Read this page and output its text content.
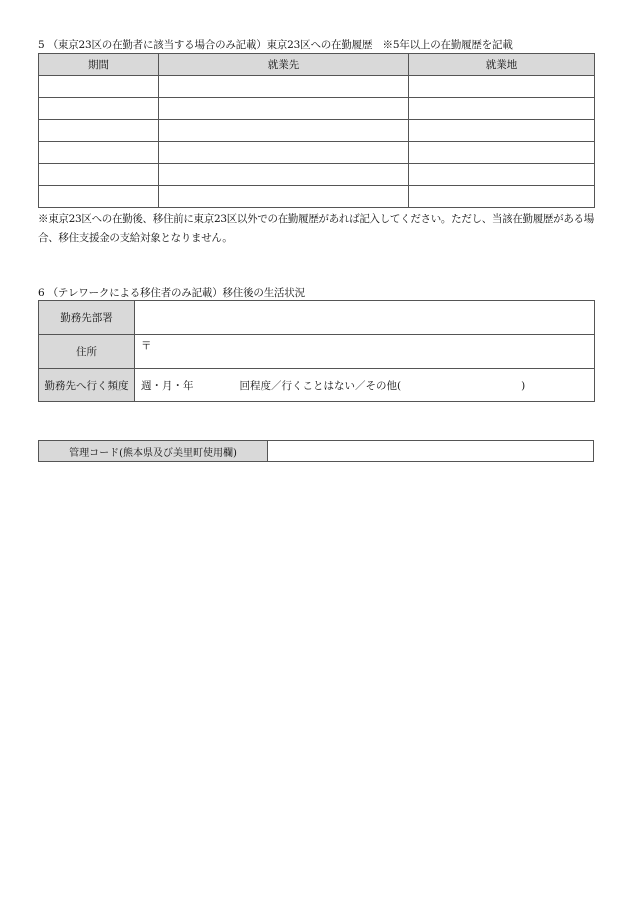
5 （東京23区の在勤者に該当する場合のみ記載）東京23区への在勤履歴　※5年以上の在勤履歴を記載
期間	就業先	就業地

※東京23区への在勤後、移住前に東京23区以外での在勤履歴があれば記入してください。ただし、当該在勤履歴がある場合、移住支援金の支給対象となりません。
6 （テレワークによる移住者のみ記載）移住後の生活状況
勤務先部署	
住所	〒

勤務先へ行く頻度	週・月・年 回程度／行くことはない／その他( )
管理コード(熊本県及び美里町使用欄)	
